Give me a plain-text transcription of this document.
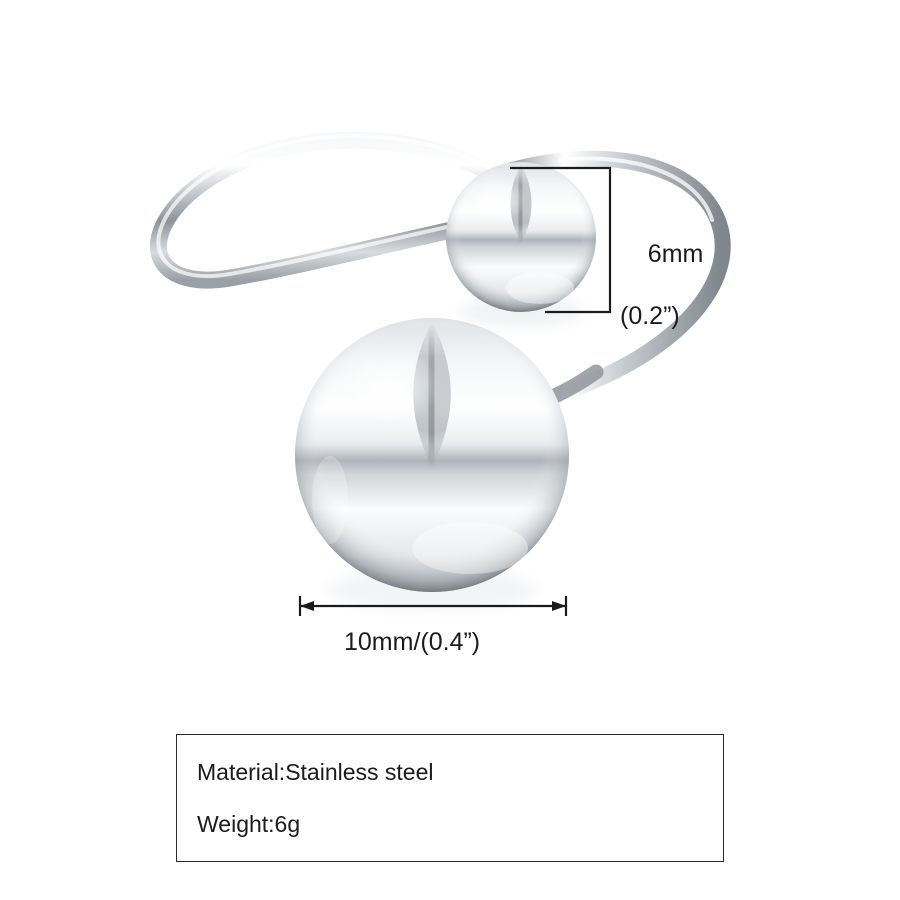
6mm

(0.2”)

10mm/(0.4”)
Material:Stainless steel
Weight:6g
